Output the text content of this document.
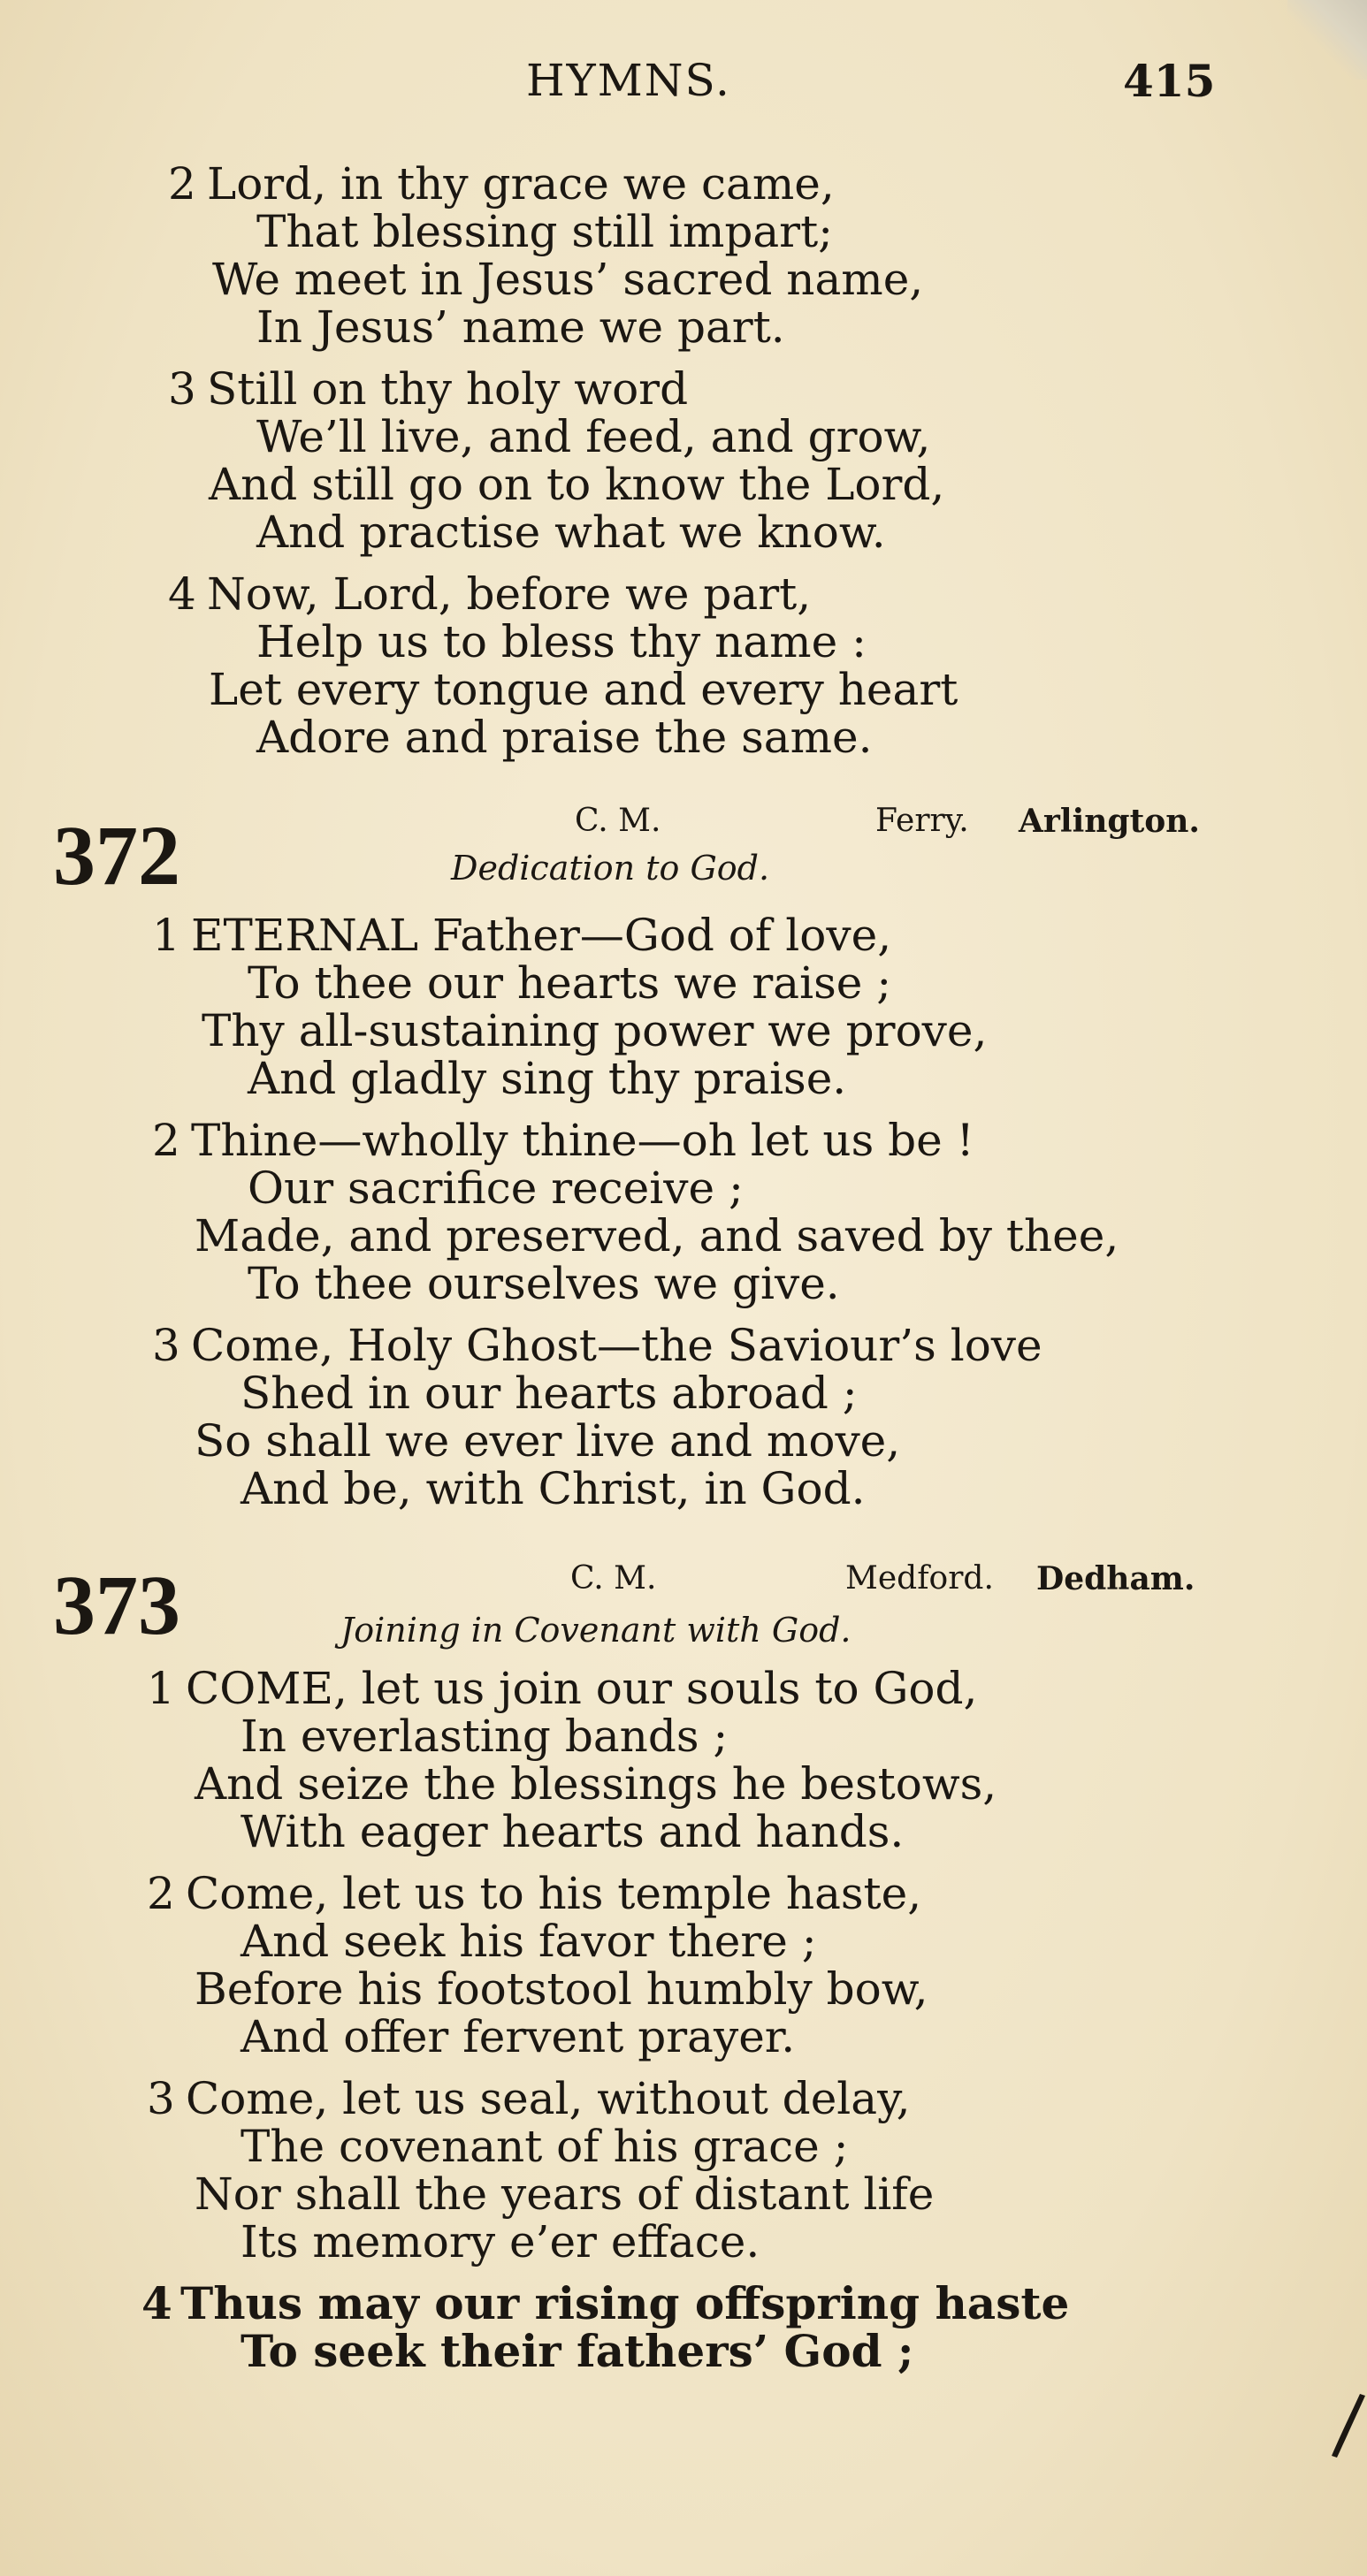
HYMNS.	415
2 Lord, in thy grace we came,
That blessing still impart;
We meet in Jesus’ sacred name,
In Jesus’ name we part.
3 Still on thy holy word
We’ll live, and feed, and grow,
And still go on to know the Lord,
And practise what we know.
4 Now, Lord, before we part,
Help us to bless thy name :
Let every tongue and every heart
Adore and praise the same.
372	C. M.	Ferry. Arlington.
Dedication to God.
1 ETERNAL Father—God of love,
To thee our hearts we raise ;
Thy all-sustaining power we prove,
And gladly sing thy praise.
2 Thine—wholly thine—oh let us be !
Our sacrifice receive ;
Made, and preserved, and saved by thee,
To thee ourselves we give.
3 Come, Holy Ghost—the Saviour’s love
Shed in our hearts abroad ;
So shall we ever live and move,
And be, with Christ, in God.
373	C. M.	Medford. Dedham.
Joining in Covenant with God.
1 COME, let us join our souls to God,
In everlasting bands ;
And seize the blessings he bestows,
With eager hearts and hands.
2 Come, let us to his temple haste,
And seek his favor there ;
Before his footstool humbly bow,
And offer fervent prayer.
3 Come, let us seal, without delay,
The covenant of his grace ;
Nor shall the years of distant life
Its memory e’er efface.
4 Thus may our rising offspring haste
To seek their fathers’ God ;
